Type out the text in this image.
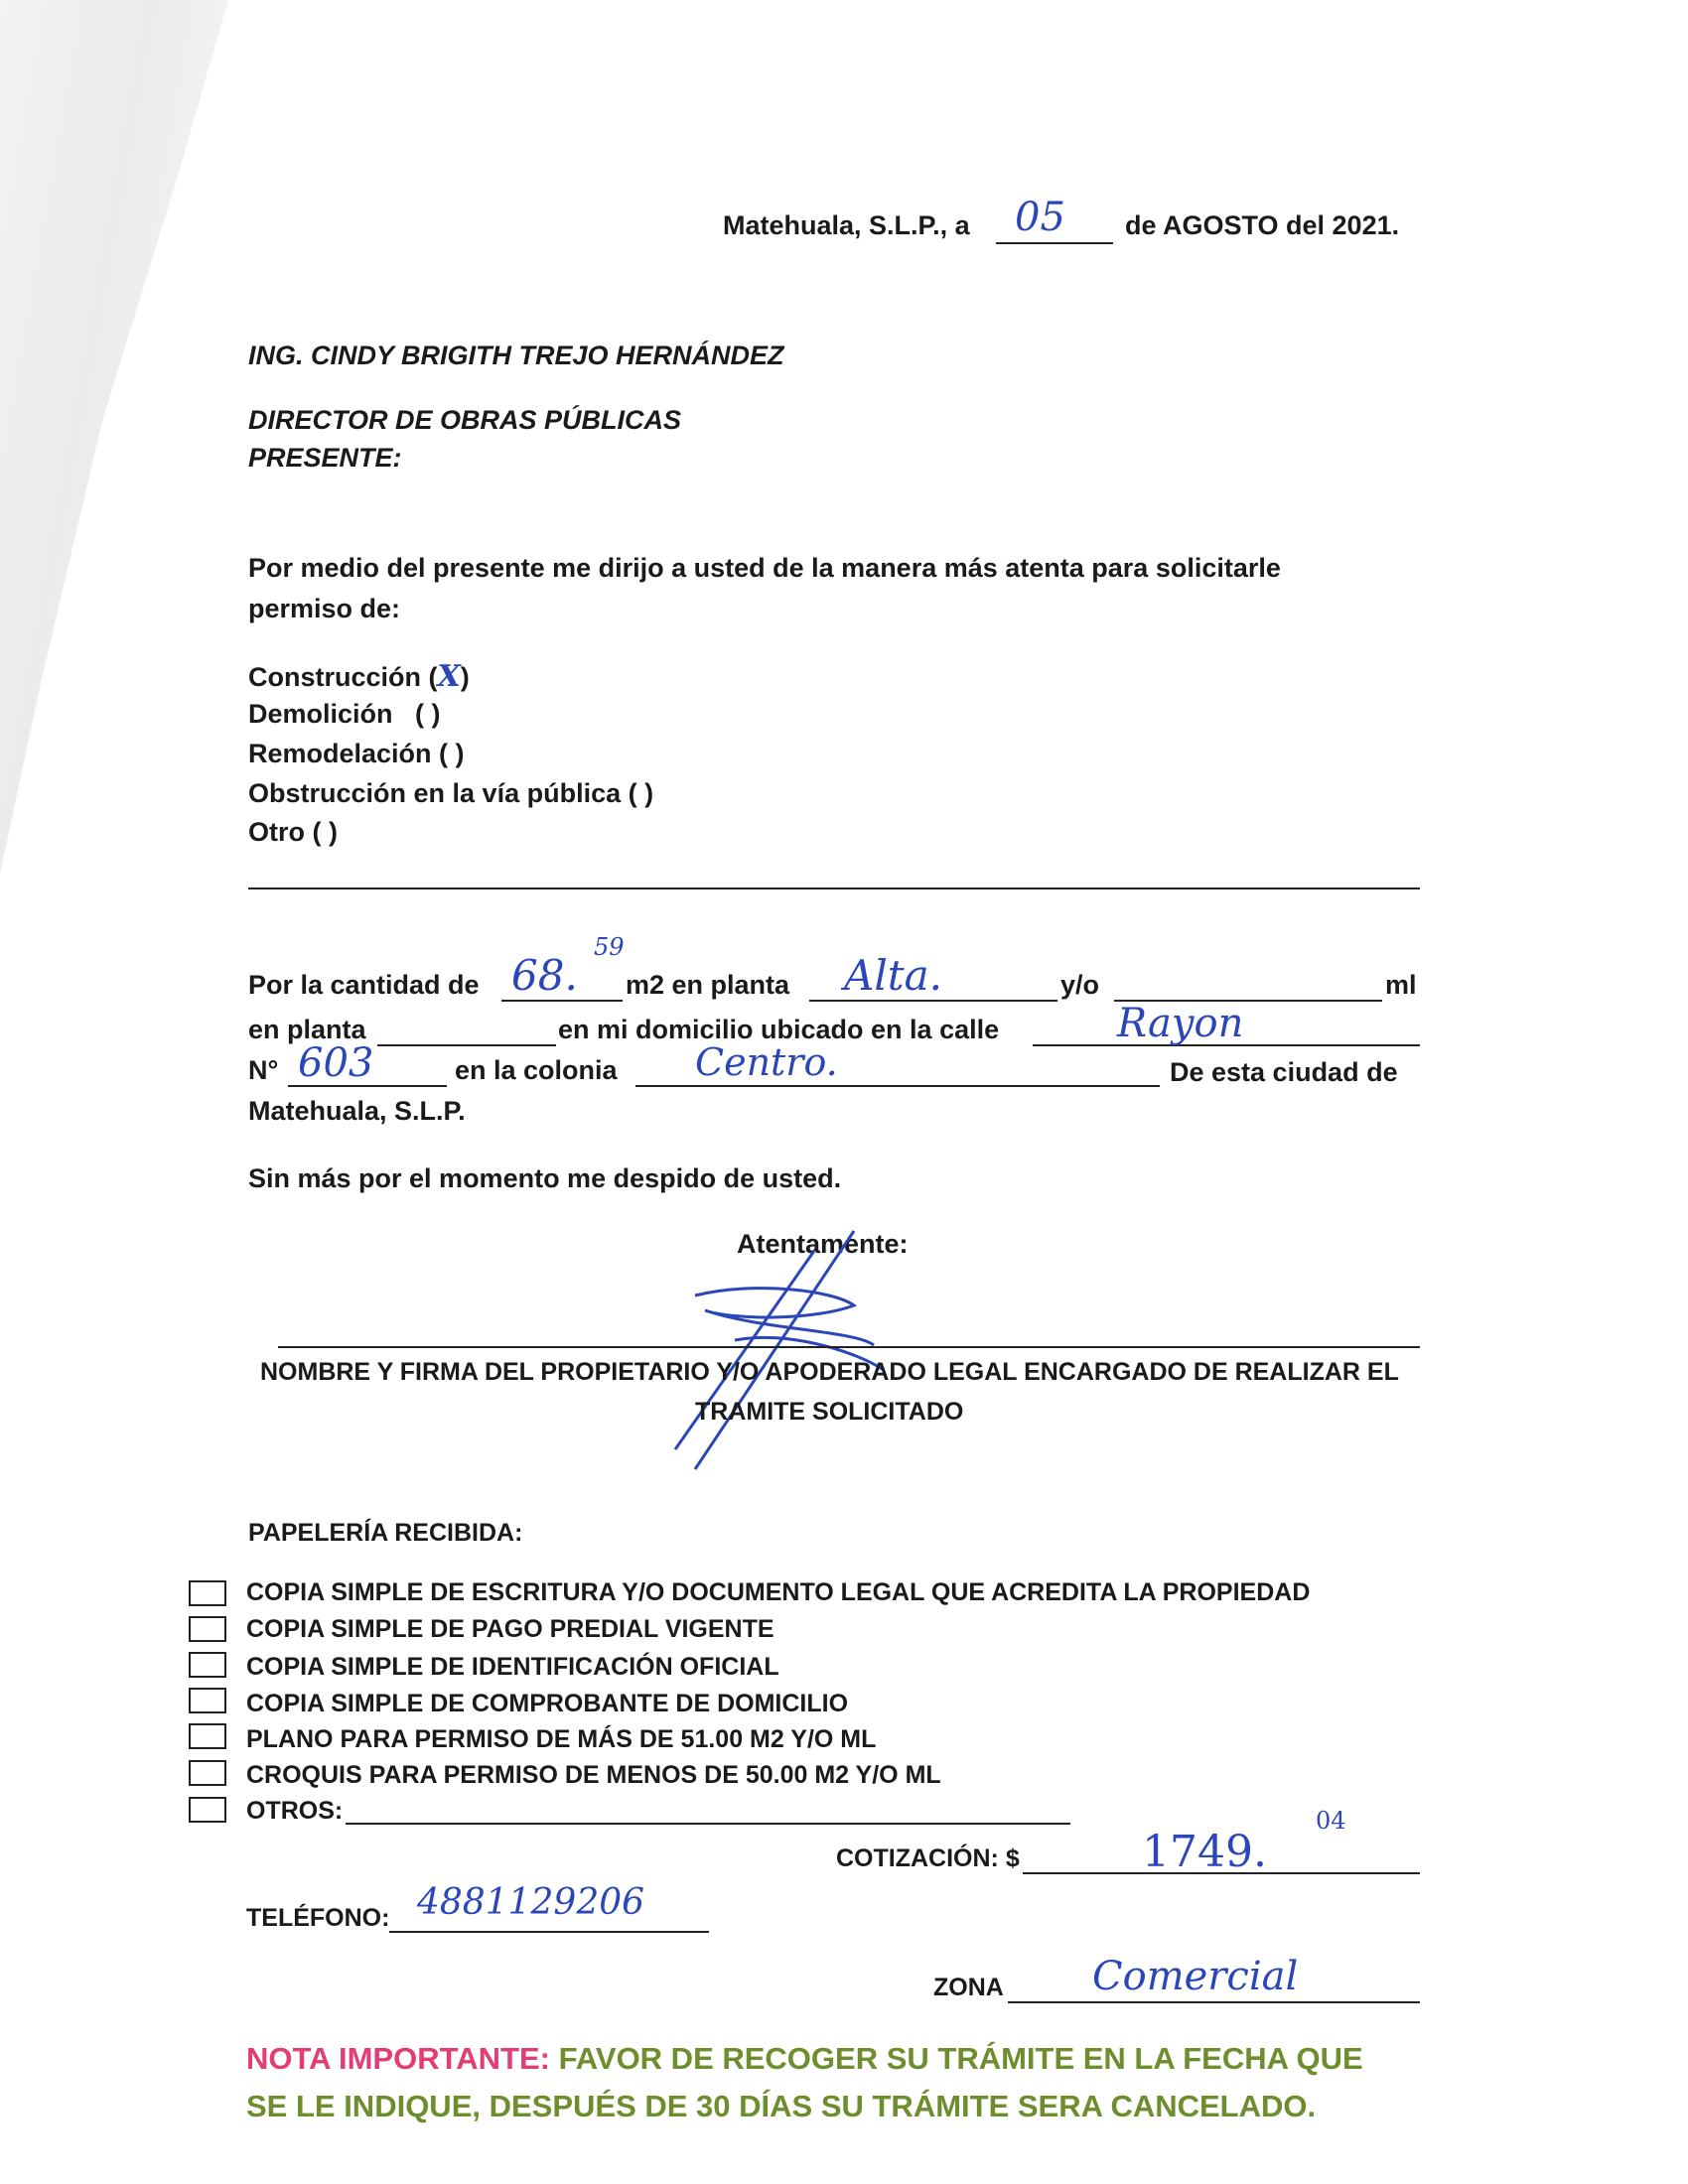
Matehuala, S.L.P., a 05 de AGOSTO del 2021.
ING. CINDY BRIGITH TREJO HERNÁNDEZ
DIRECTOR DE OBRAS PÚBLICAS
PRESENTE:
Por medio del presente me dirijo a usted de la manera más atenta para solicitarle
permiso de:
Construcción (X)
Demolición ( )
Remodelación ( )
Obstrucción en la vía pública ( )
Otro ( )
Por la cantidad de 68.
59
m2 en planta Alta.	y/o	ml
en planta	en mi domicilio ubicado en la calle	Rayon
N° 603	en la colonia Centro.	De esta ciudad de
Matehuala, S.L.P.
Sin más por el momento me despido de usted.
Atentamente:
NOMBRE Y FIRMA DEL PROPIETARIO Y/O APODERADO LEGAL ENCARGADO DE REALIZAR EL
TRAMITE SOLICITADO
PAPELERÍA RECIBIDA:
COPIA SIMPLE DE ESCRITURA Y/O DOCUMENTO LEGAL QUE ACREDITA LA PROPIEDAD
COPIA SIMPLE DE PAGO PREDIAL VIGENTE
COPIA SIMPLE DE IDENTIFICACIÓN OFICIAL
COPIA SIMPLE DE COMPROBANTE DE DOMICILIO
PLANO PARA PERMISO DE MÁS DE 51.00 M2 Y/O ML
CROQUIS PARA PERMISO DE MENOS DE 50.00 M2 Y/O ML
OTROS:
COTIZACIÓN: $	1749.
04
TELÉFONO: 4881129206
ZONA Comercial
NOTA IMPORTANTE: FAVOR DE RECOGER SU TRÁMITE EN LA FECHA QUE
SE LE INDIQUE, DESPUÉS DE 30 DÍAS SU TRÁMITE SERA CANCELADO.
